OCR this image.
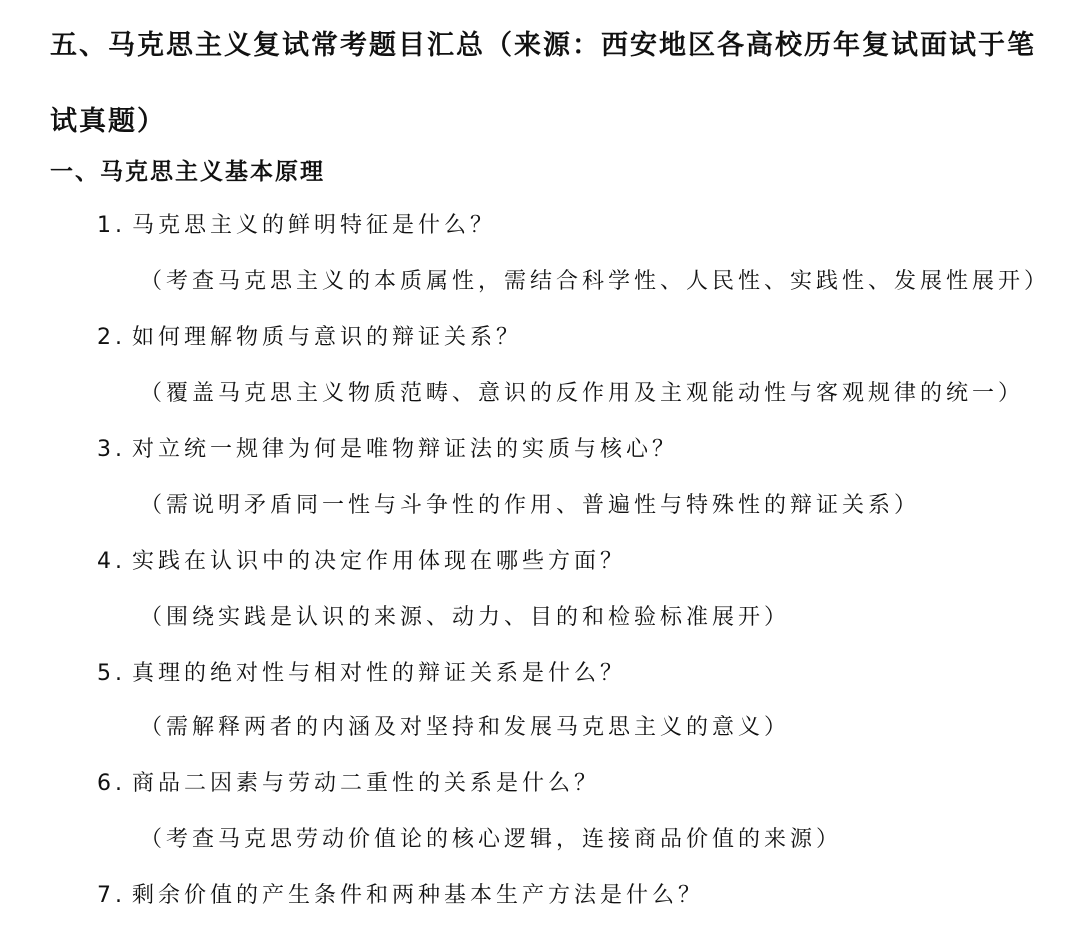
五、马克思主义复试常考题目汇总（来源：西安地区各高校历年复试面试于笔试真题）
一、马克思主义基本原理
1. 马克思主义的鲜明特征是什么？
（考查马克思主义的本质属性，需结合科学性、人民性、实践性、发展性展开）
2. 如何理解物质与意识的辩证关系？
（覆盖马克思主义物质范畴、意识的反作用及主观能动性与客观规律的统一）
3. 对立统一规律为何是唯物辩证法的实质与核心？
（需说明矛盾同一性与斗争性的作用、普遍性与特殊性的辩证关系）
4. 实践在认识中的决定作用体现在哪些方面？
（围绕实践是认识的来源、动力、目的和检验标准展开）
5. 真理的绝对性与相对性的辩证关系是什么？
（需解释两者的内涵及对坚持和发展马克思主义的意义）
6. 商品二因素与劳动二重性的关系是什么？
（考查马克思劳动价值论的核心逻辑，连接商品价值的来源）
7. 剩余价值的产生条件和两种基本生产方法是什么？
